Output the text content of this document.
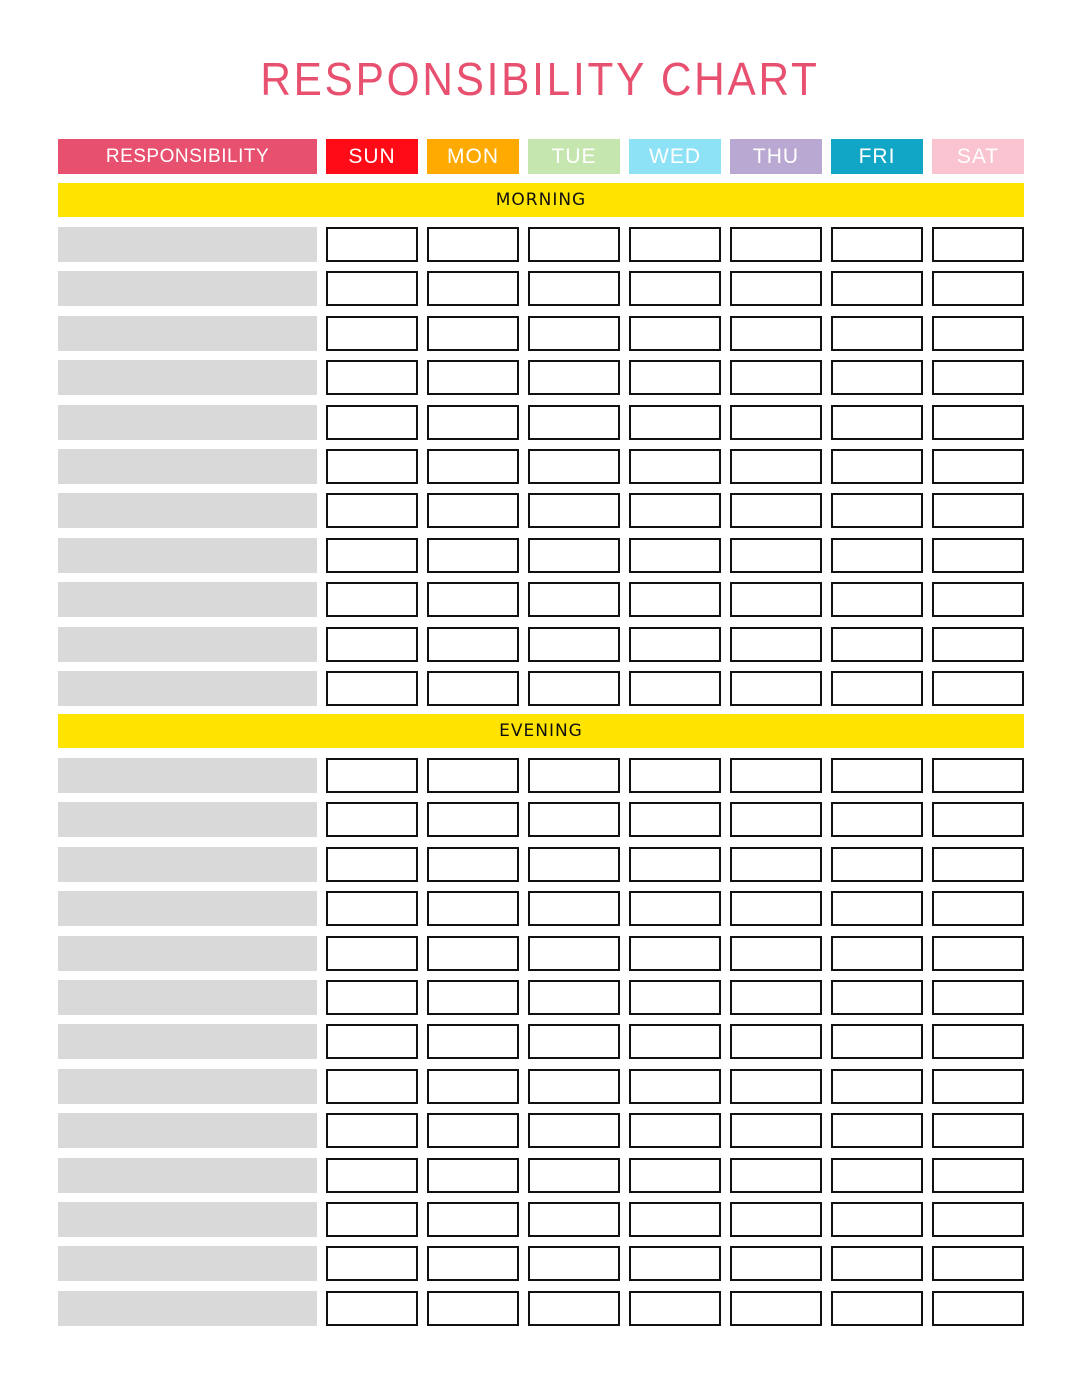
RESPONSIBILITY CHART
RESPONSIBILITY	SUN	MON	TUE	WED	THU	FRI	SAT
MORNING
EVENING
